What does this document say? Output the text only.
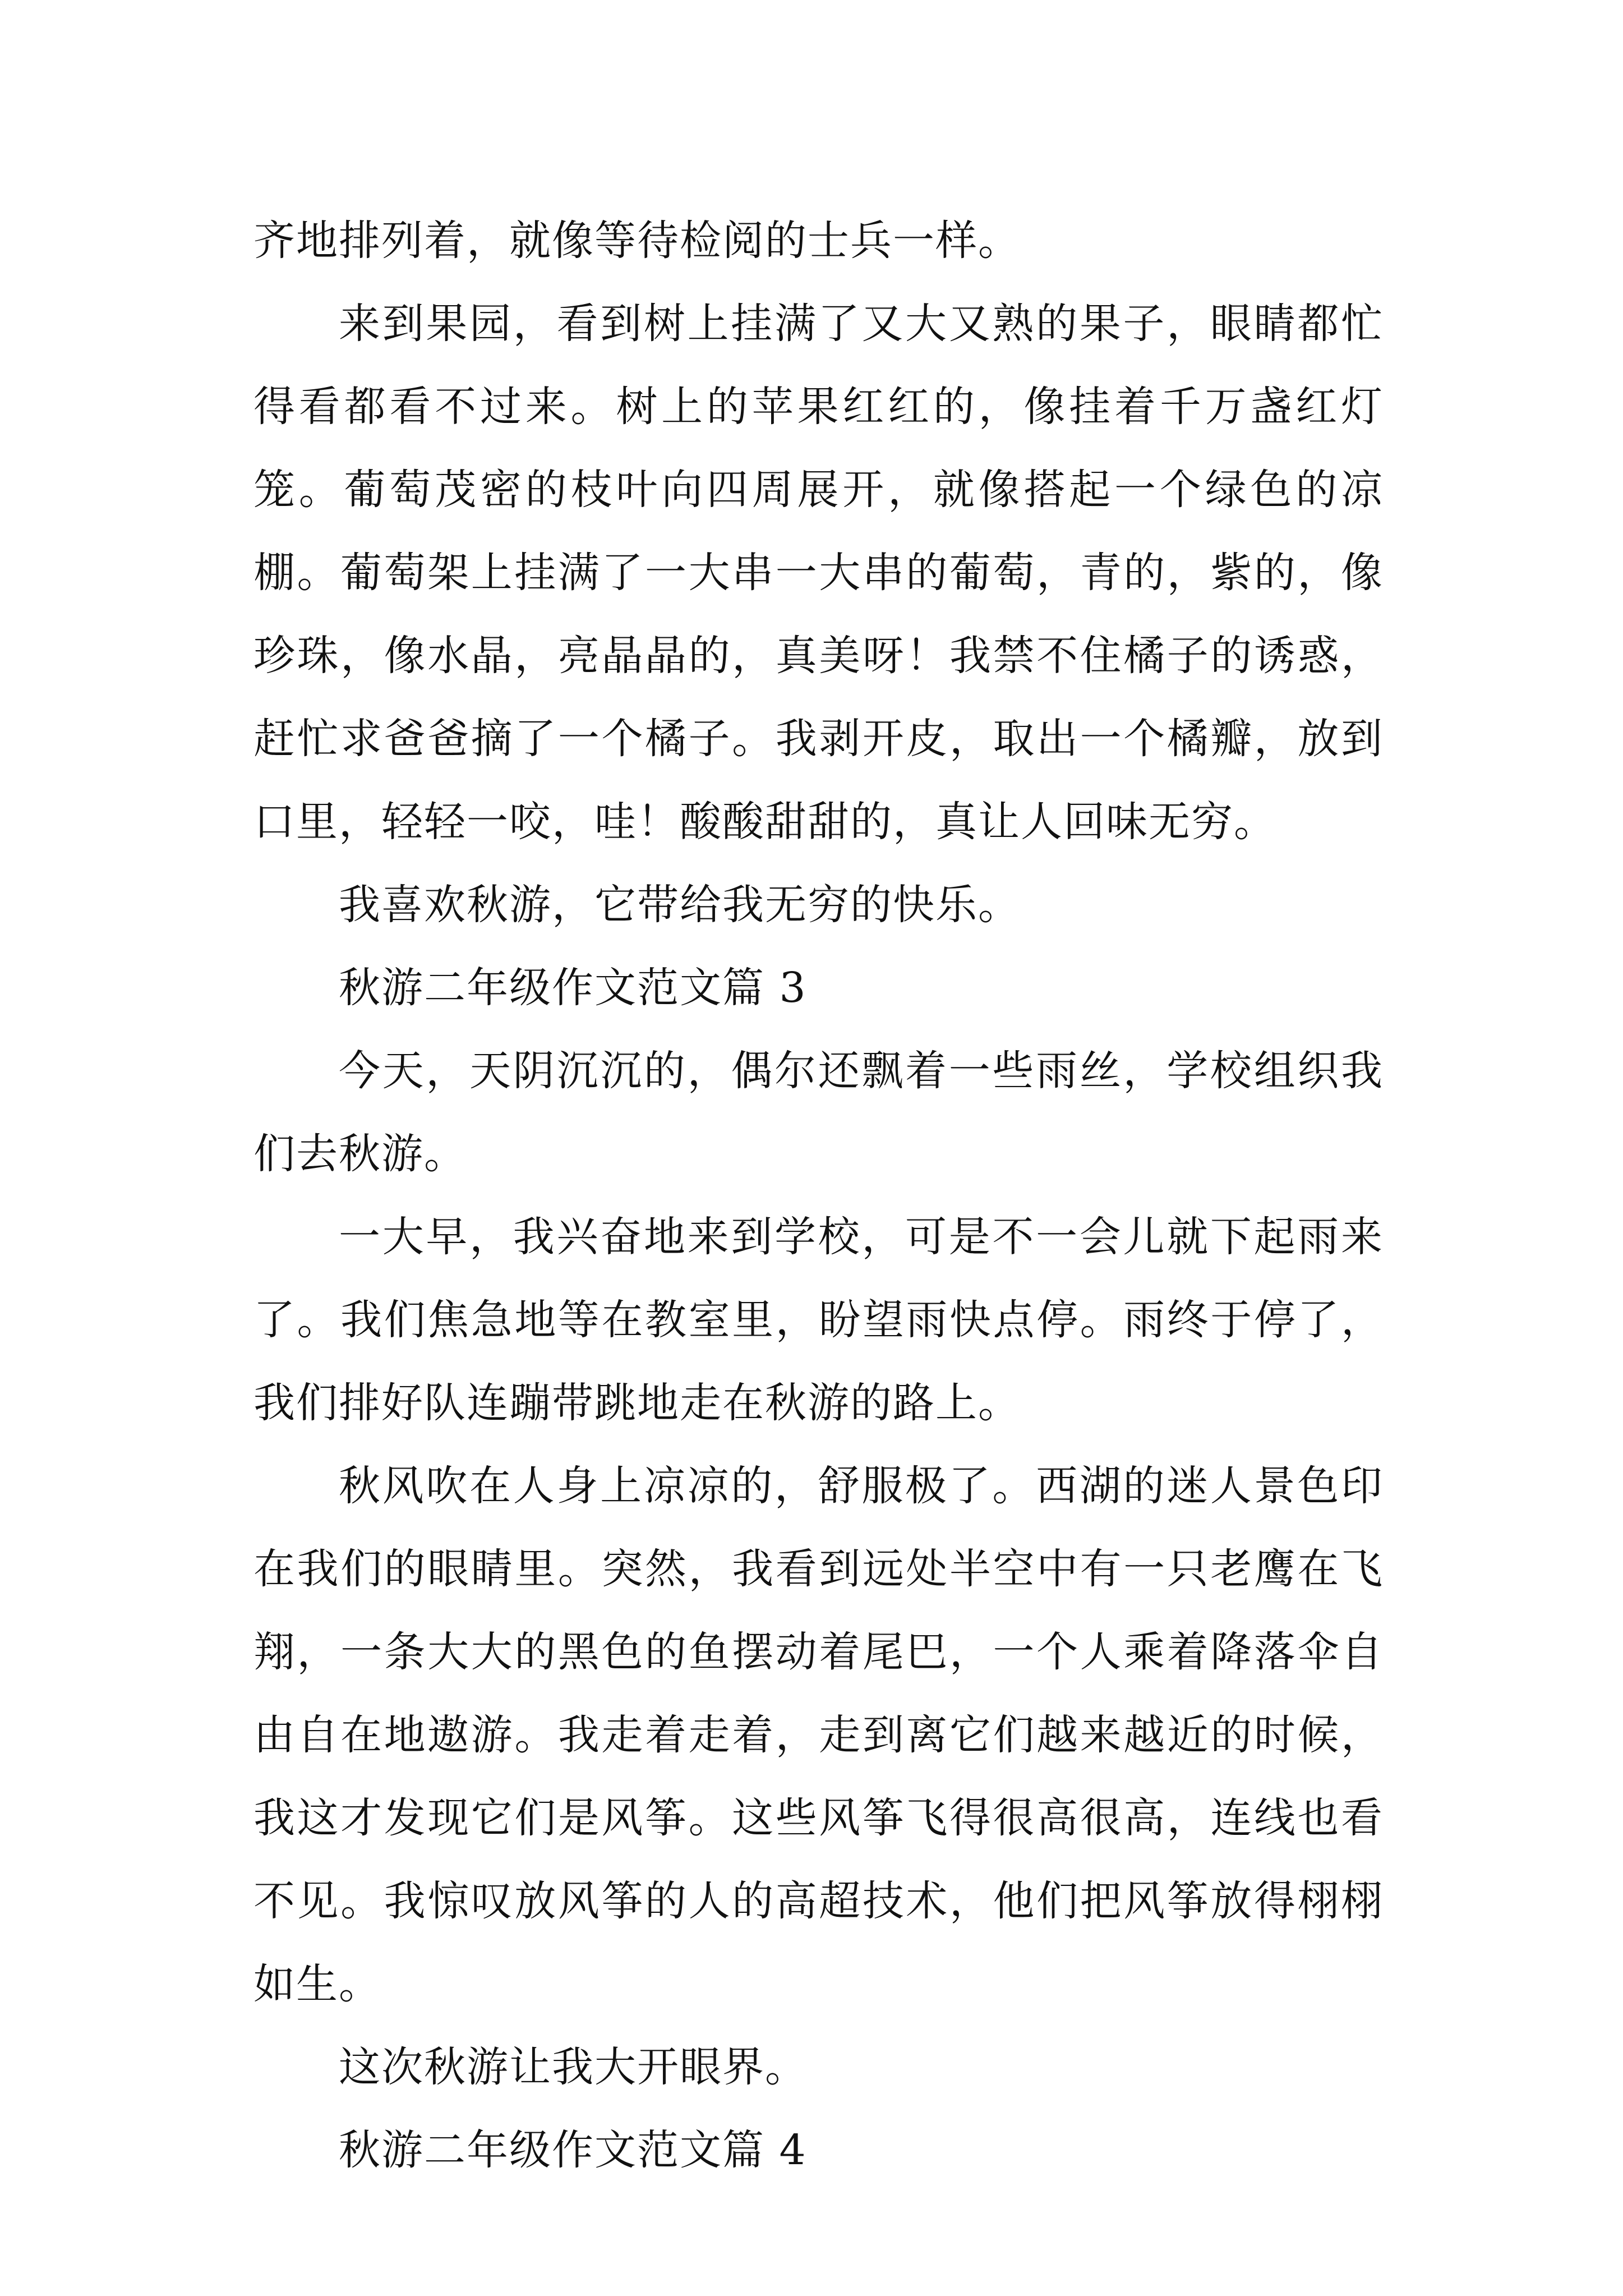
齐地排列着，就像等待检阅的士兵一样。

来到果园，看到树上挂满了又大又熟的果子，眼睛都忙得看都看不过来。树上的苹果红红的，像挂着千万盏红灯笼。葡萄茂密的枝叶向四周展开，就像搭起一个绿色的凉棚。葡萄架上挂满了一大串一大串的葡萄，青的，紫的，像珍珠，像水晶，亮晶晶的，真美呀！我禁不住橘子的诱惑，赶忙求爸爸摘了一个橘子。我剥开皮，取出一个橘瓣，放到口里，轻轻一咬，哇！酸酸甜甜的，真让人回味无穷。

我喜欢秋游，它带给我无穷的快乐。

秋游二年级作文范文篇 3

今天，天阴沉沉的，偶尔还飘着一些雨丝，学校组织我们去秋游。

一大早，我兴奋地来到学校，可是不一会儿就下起雨来了。我们焦急地等在教室里，盼望雨快点停。雨终于停了，我们排好队连蹦带跳地走在秋游的路上。

秋风吹在人身上凉凉的，舒服极了。西湖的迷人景色印在我们的眼睛里。突然，我看到远处半空中有一只老鹰在飞翔，一条大大的黑色的鱼摆动着尾巴，一个人乘着降落伞自由自在地遨游。我走着走着，走到离它们越来越近的时候，我这才发现它们是风筝。这些风筝飞得很高很高，连线也看不见。我惊叹放风筝的人的高超技术，他们把风筝放得栩栩如生。

这次秋游让我大开眼界。

秋游二年级作文范文篇 4
